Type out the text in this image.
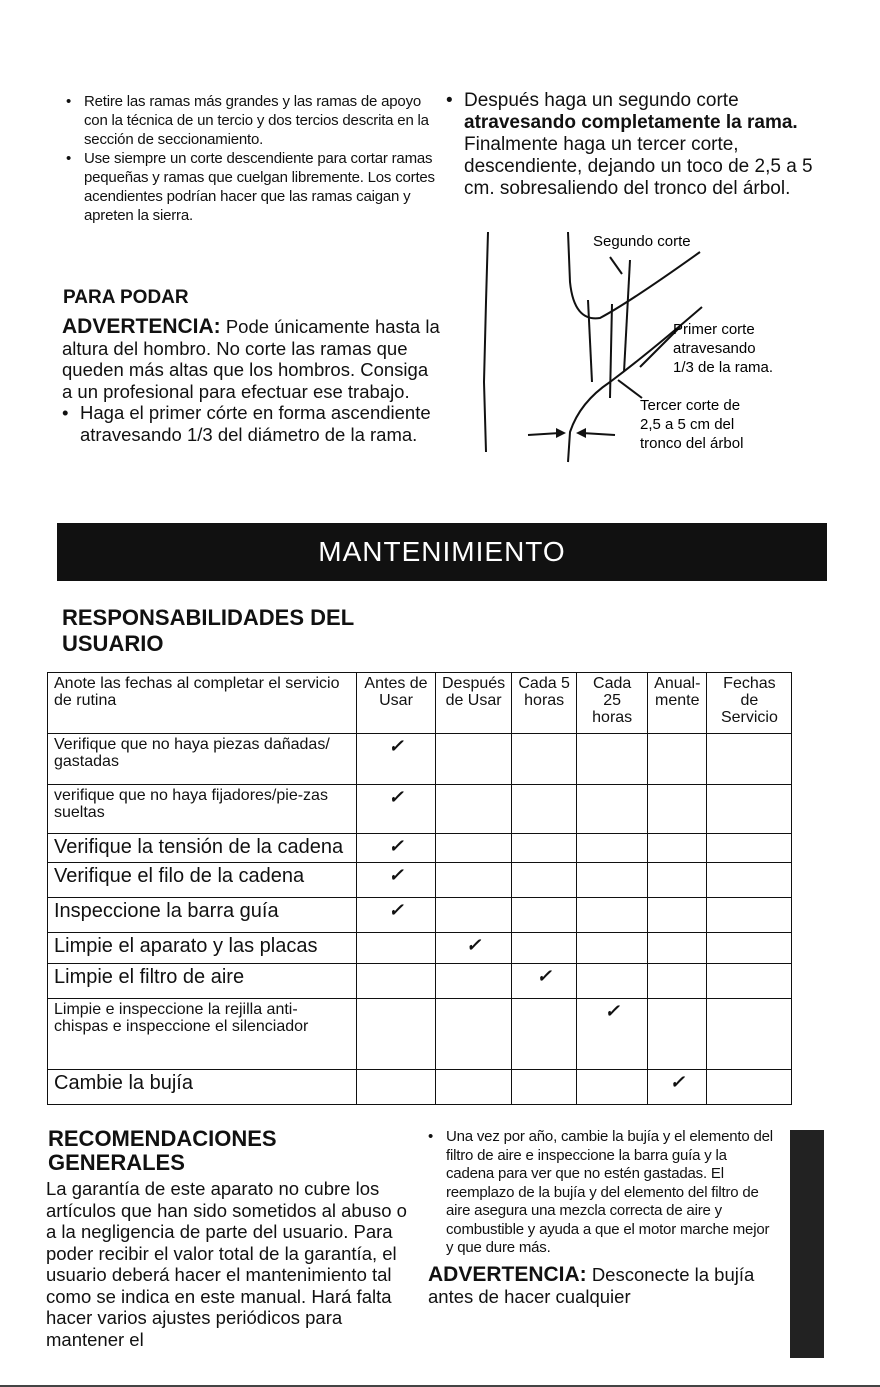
• Retire las ramas más grandes y las ramas de apoyo con la técnica de un tercio y dos tercios descrita en la sección de seccionamiento.
• Use siempre un corte descendiente para cortar ramas pequeñas y ramas que cuelgan libremente. Los cortes acendientes podrían hacer que las ramas caigan y apreten la sierra.
• Después haga un segundo corte atravesando completamente la rama. Finalmente haga un tercer corte, descendiente, dejando un toco de 2,5 a 5 cm. sobresaliendo del tronco del árbol.
PARA PODAR
ADVERTENCIA: Pode únicamente hasta la altura del hombro. No corte las ramas que queden más altas que los hombros. Consiga a un profesional para efectuar ese trabajo.
• Haga el primer córte en forma ascendiente atravesando 1/3 del diámetro de la rama.
Segundo corte
Primer corte
atravesando
1/3 de la rama.
Tercer corte de
2,5 a 5 cm del
tronco del árbol
MANTENIMIENTO
RESPONSABILIDADES DEL
USUARIO
Anote las fechas al completar el servicio de rutina	Antes de Usar	Después de Usar	Cada 5 horas	Cada 25 horas	Anual-mente	Fechas de Servicio
Verifique que no haya piezas dañadas/ gastadas	✓					
verifique que no haya fijadores/pie-zas sueltas	✓					
Verifique la tensión de la cadena	✓					
Verifique el filo de la cadena	✓					
Inspeccione la barra guía	✓					
Limpie el aparato y las placas		✓				
Limpie el filtro de aire			✓			
Limpie e inspeccione la rejilla anti-chispas e inspeccione el silenciador				✓		
Cambie la bujía					✓	
RECOMENDACIONES
GENERALES
La garantía de este aparato no cubre los artículos que han sido sometidos al abuso o a la negligencia de parte del usuario. Para poder recibir el valor total de la garantía, el usuario deberá hacer el mantenimiento tal como se indica en este manual. Hará falta hacer varios ajustes periódicos para mantener el
• Una vez por año, cambie la bujía y el elemento del filtro de aire e inspeccione la barra guía y la cadena para ver que no estén gastadas. El reemplazo de la bujía y del elemento del filtro de aire asegura una mezcla correcta de aire y combustible y ayuda a que el motor marche mejor y que dure más.
ADVERTENCIA: Desconecte la bujía antes de hacer cualquier
